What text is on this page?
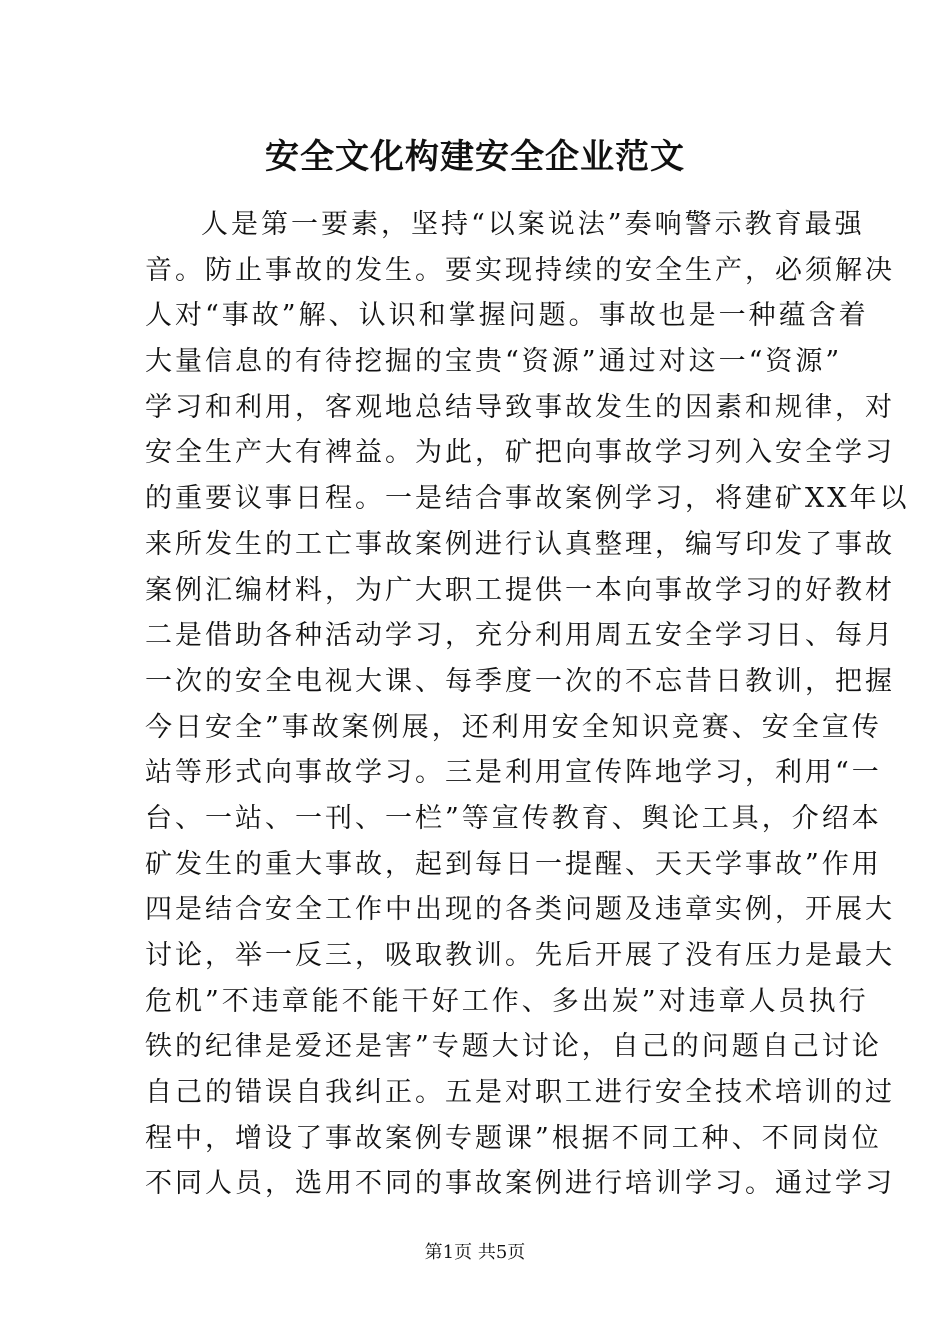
安全文化构建安全企业范文
人是第一要素，坚持“以案说法”奏响警示教育最强
音。防止事故的发生。要实现持续的安全生产，必须解决
人对“事故”解、认识和掌握问题。事故也是一种蕴含着
大量信息的有待挖掘的宝贵“资源”通过对这一“资源”
学习和利用，客观地总结导致事故发生的因素和规律，对
安全生产大有裨益。为此，矿把向事故学习列入安全学习
的重要议事日程。一是结合事故案例学习，将建矿XX年以
来所发生的工亡事故案例进行认真整理，编写印发了事故
案例汇编材料，为广大职工提供一本向事故学习的好教材
二是借助各种活动学习，充分利用周五安全学习日、每月
一次的安全电视大课、每季度一次的不忘昔日教训，把握
今日安全”事故案例展，还利用安全知识竞赛、安全宣传
站等形式向事故学习。三是利用宣传阵地学习，利用“一
台、一站、一刊、一栏”等宣传教育、舆论工具，介绍本
矿发生的重大事故，起到每日一提醒、天天学事故”作用
四是结合安全工作中出现的各类问题及违章实例，开展大
讨论，举一反三，吸取教训。先后开展了没有压力是最大
危机”不违章能不能干好工作、多出炭”对违章人员执行
铁的纪律是爱还是害”专题大讨论，自己的问题自己讨论
自己的错误自我纠正。五是对职工进行安全技术培训的过
程中，增设了事故案例专题课”根据不同工种、不同岗位
不同人员，选用不同的事故案例进行培训学习。通过学习
第1页 共5页
